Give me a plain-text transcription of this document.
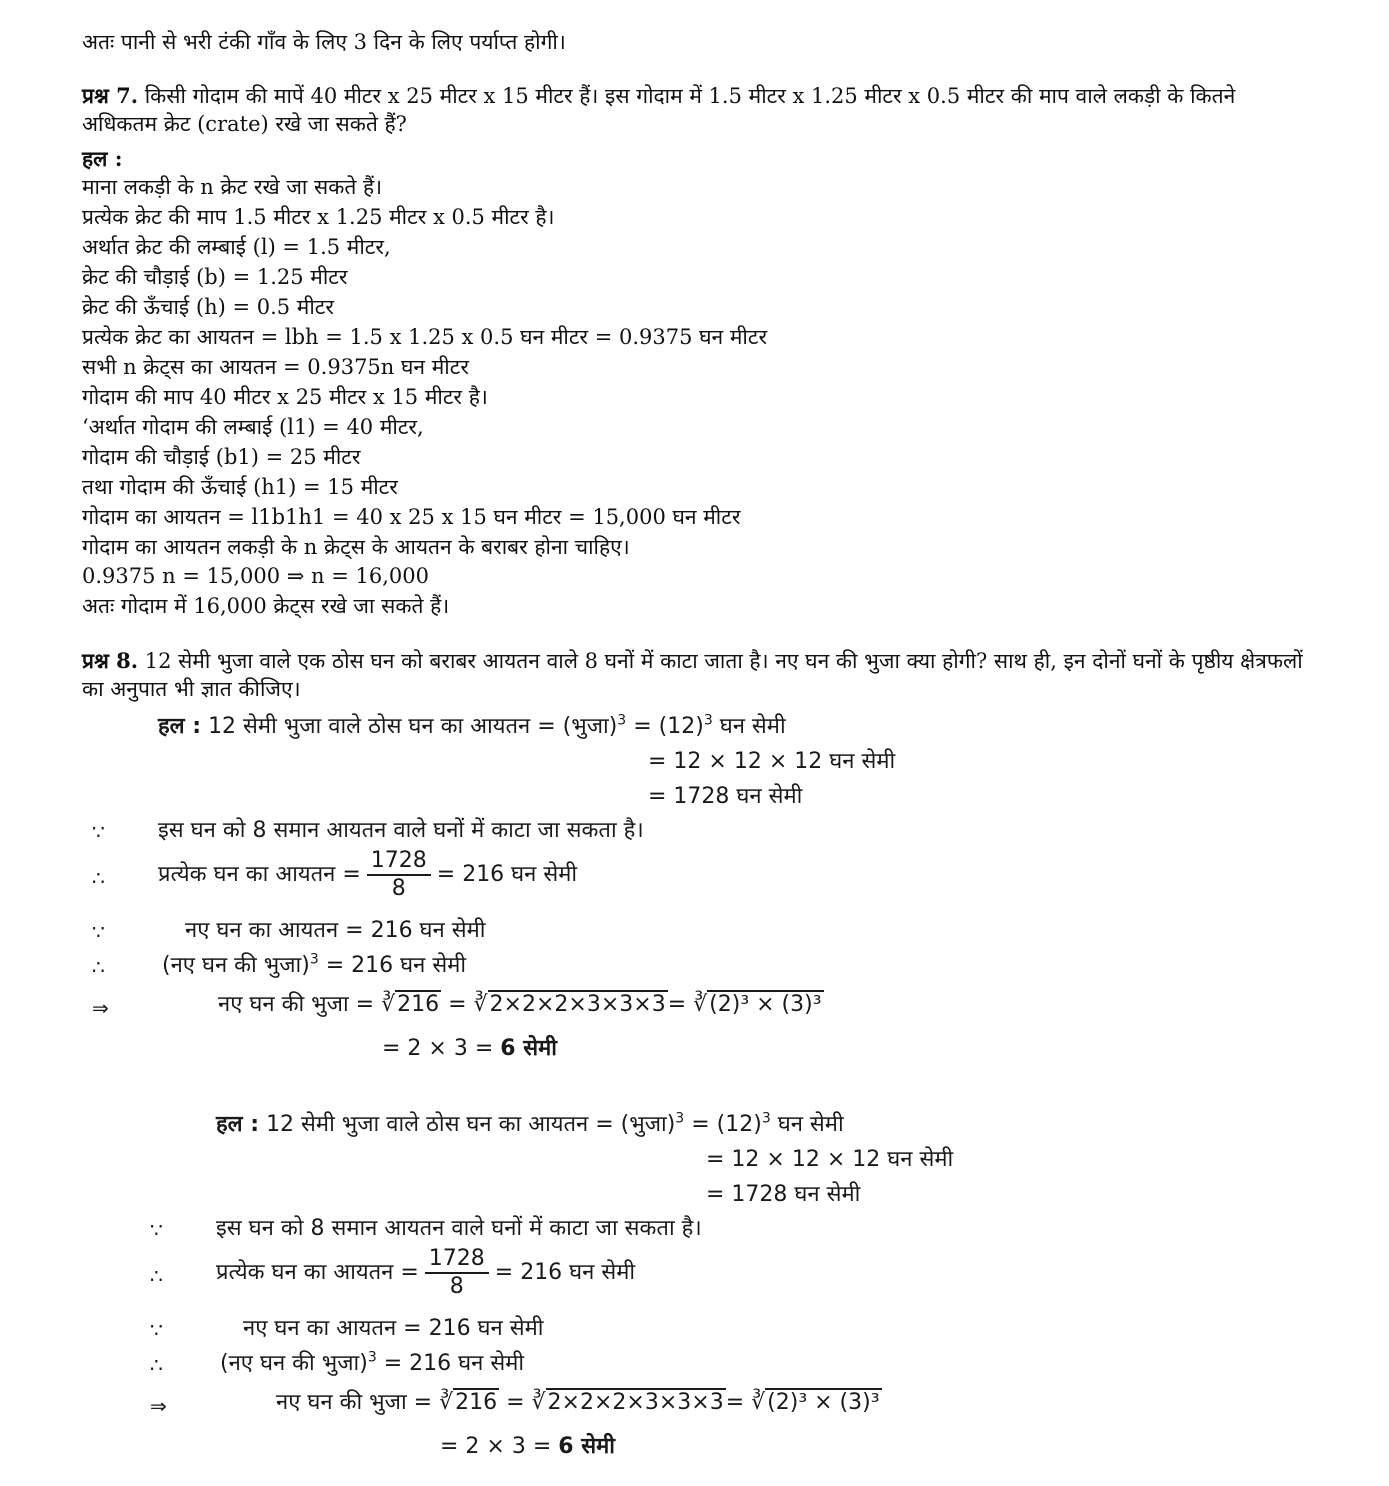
अतः पानी से भरी टंकी गाँव के लिए 3 दिन के लिए पर्याप्त होगी।
प्रश्न 7. किसी गोदाम की मापें 40 मीटर x 25 मीटर x 15 मीटर हैं। इस गोदाम में 1.5 मीटर x 1.25 मीटर x 0.5 मीटर की माप वाले लकड़ी के कितने अधिकतम क्रेट (crate) रखे जा सकते हैं?
हल :
माना लकड़ी के n क्रेट रखे जा सकते हैं।
प्रत्येक क्रेट की माप 1.5 मीटर x 1.25 मीटर x 0.5 मीटर है।
अर्थात क्रेट की लम्बाई (l) = 1.5 मीटर,
क्रेट की चौड़ाई (b) = 1.25 मीटर
क्रेट की ऊँचाई (h) = 0.5 मीटर
प्रत्येक क्रेट का आयतन = lbh = 1.5 x 1.25 x 0.5 घन मीटर = 0.9375 घन मीटर
सभी n क्रेट्स का आयतन = 0.9375n घन मीटर
गोदाम की माप 40 मीटर x 25 मीटर x 15 मीटर है।
‘अर्थात गोदाम की लम्बाई (l1) = 40 मीटर,
गोदाम की चौड़ाई (b1) = 25 मीटर
तथा गोदाम की ऊँचाई (h1) = 15 मीटर
गोदाम का आयतन = l1b1h1 = 40 x 25 x 15 घन मीटर = 15,000 घन मीटर
गोदाम का आयतन लकड़ी के n क्रेट्स के आयतन के बराबर होना चाहिए।
0.9375 n = 15,000 ⇒ n = 16,000
अतः गोदाम में 16,000 क्रेट्स रखे जा सकते हैं।
प्रश्न 8. 12 सेमी भुजा वाले एक ठोस घन को बराबर आयतन वाले 8 घनों में काटा जाता है। नए घन की भुजा क्या होगी? साथ ही, इन दोनों घनों के पृष्ठीय क्षेत्रफलों का अनुपात भी ज्ञात कीजिए।
हल : 12 सेमी भुजा वाले ठोस घन का आयतन = (भुजा)$^3$ = $(12)^3$ घन सेमी
= 12 × 12 × 12 घन सेमी
= 1728 घन सेमी
∵ इस घन को 8 समान आयतन वाले घनों में काटा जा सकता है।
∴ प्रत्येक घन का आयतन = $\frac{1728}{8} = 216$ घन सेमी
∵	नए घन का आयतन = 216 घन सेमी
∴	(नए घन की भुजा)$^3$ = 216 घन सेमी
⇒	नए घन की भुजा = ∛216 = ∛2×2×2×3×3×3= ∛(2)³ × (3)³
= 2 × 3 = 6 सेमी
हल : 12 सेमी भुजा वाले ठोस घन का आयतन = (भुजा)$^3$ = $(12)^3$ घन सेमी
= 12 × 12 × 12 घन सेमी
= 1728 घन सेमी
∵ इस घन को 8 समान आयतन वाले घनों में काटा जा सकता है।
∴ प्रत्येक घन का आयतन = $\frac{1728}{8} = 216$ घन सेमी
∵	नए घन का आयतन = 216 घन सेमी
∴	(नए घन की भुजा)$^3$ = 216 घन सेमी
⇒	नए घन की भुजा = ∛216 = ∛2×2×2×3×3×3= ∛(2)³ × (3)³
= 2 × 3 = 6 सेमी
